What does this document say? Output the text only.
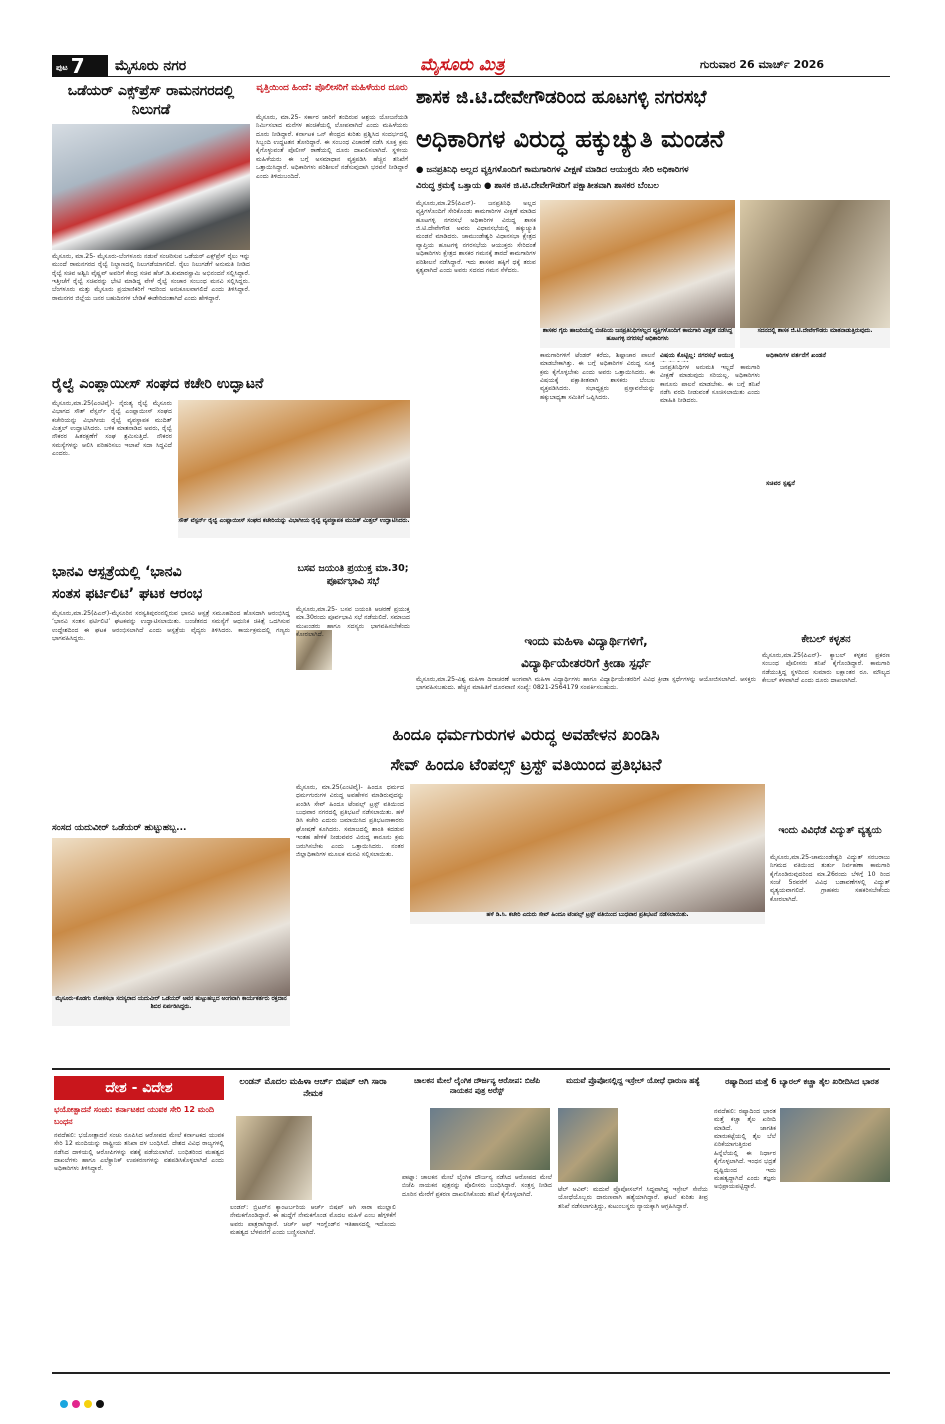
ಪುಟ 7	ಮೈಸೂರು ನಗರ	ಮೈಸೂರು ಮಿತ್ರ	ಗುರುವಾರ 26 ಮಾರ್ಚ್ 2026
ಒಡೆಯರ್ ಎಕ್ಸ್‌ಪ್ರೆಸ್ ರಾಮನಗರದಲ್ಲಿ ನಿಲುಗಡೆ
ಮೈಸೂರು, ಮಾ.25- ಮೈಸೂರು-ಬೆಂಗಳೂರು ನಡುವೆ ಸಂಚರಿಸುವ ಒಡೆಯರ್ ಎಕ್ಸ್‌ಪ್ರೆಸ್ ರೈಲು ಇನ್ನು ಮುಂದೆ ರಾಮನಗರದ ರೈಲ್ವೆ ನಿಲ್ದಾಣದಲ್ಲಿ ನಿಲುಗಡೆಯಾಗಲಿದೆ. ರೈಲು ನಿಲುಗಡೆಗೆ ಅನುಮತಿ ನೀಡಿದ ರೈಲ್ವೆ ಸಚಿವ ಅಶ್ವಿನಿ ವೈಷ್ಣವ್ ಅವರಿಗೆ ಕೇಂದ್ರ ಸಚಿವ ಹೆಚ್.ಡಿ.ಕುಮಾರಸ್ವಾಮಿ ಅಭಿನಂದನೆ ಸಲ್ಲಿಸಿದ್ದಾರೆ. ಇತ್ತೀಚೆಗೆ ರೈಲ್ವೆ ಸಚಿವರನ್ನು ಭೇಟಿ ಮಾಡಿದ್ದ ವೇಳೆ ರೈಲ್ವೆ ಸಂಚಾರ ಸಂಬಂಧ ಮನವಿ ಸಲ್ಲಿಸಿದ್ದರು. ಬೆಂಗಳೂರು ಮತ್ತು ಮೈಸೂರು ಪ್ರಯಾಣಿಕರಿಗೆ ಇದರಿಂದ ಅನುಕೂಲವಾಗಲಿದೆ ಎಂದು ತಿಳಿಸಿದ್ದಾರೆ. ರಾಮನಗರ ಜಿಲ್ಲೆಯ ಜನರ ಬಹುದಿನಗಳ ಬೇಡಿಕೆ ಈಡೇರಿದಂತಾಗಿದೆ ಎಂದು ಹೇಳಿದ್ದಾರೆ.
ವೃತ್ತಿಯಿಂದ ಹಿಂದೆ: ಪೊಲೀಸರಿಗೆ ಮಹಿಳೆಯರ ದೂರು
ಮೈಸೂರು, ಮಾ.25- ಸರ್ಕಾರ ಜಾರಿಗೆ ತಂದಿರುವ ಆಶ್ರಯ ಯೋಜನೆಯಡಿ ನಿರ್ಮಿಸಲಾದ ಮನೆಗಳ ಹಂಚಿಕೆಯಲ್ಲಿ ಲೋಪವಾಗಿದೆ ಎಂದು ಮಹಿಳೆಯರು ದೂರು ನೀಡಿದ್ದಾರೆ. ಕರ್ನಾಟಕ ಒನ್ ಕೇಂದ್ರದ ಕುರಿತು ಪ್ರಶ್ನಿಸಿದ ಸಂದರ್ಭದಲ್ಲಿ ಸಿಬ್ಬಂದಿ ಉದ್ಧಟತನ ತೋರಿದ್ದಾರೆ. ಈ ಸಂಬಂಧ ವಿಚಾರಣೆ ನಡೆಸಿ ಸೂಕ್ತ ಕ್ರಮ ಕೈಗೊಳ್ಳುವಂತೆ ಪೊಲೀಸ್ ಠಾಣೆಯಲ್ಲಿ ದೂರು ದಾಖಲಿಸಲಾಗಿದೆ. ಸ್ಥಳೀಯ ಮಹಿಳೆಯರು ಈ ಬಗ್ಗೆ ಅಸಮಾಧಾನ ವ್ಯಕ್ತಪಡಿಸಿ ಹೆಚ್ಚಿನ ತನಿಖೆಗೆ ಒತ್ತಾಯಿಸಿದ್ದಾರೆ. ಅಧಿಕಾರಿಗಳು ಪರಿಶೀಲನೆ ನಡೆಸುವುದಾಗಿ ಭರವಸೆ ನೀಡಿದ್ದಾರೆ ಎಂದು ತಿಳಿದುಬಂದಿದೆ.
ಶಾಸಕ ಜಿ.ಟಿ.ದೇವೇಗೌಡರಿಂದ ಹೂಟಗಳ್ಳಿ ನಗರಸಭೆ
ಅಧಿಕಾರಿಗಳ ವಿರುದ್ಧ ಹಕ್ಕುಚ್ಯುತಿ ಮಂಡನೆ
● ಜನಪ್ರತಿನಿಧಿ ಅಲ್ಲದ ವ್ಯಕ್ತಿಗಳೊಂದಿಗೆ ಕಾಮಗಾರಿಗಳ ವೀಕ್ಷಣೆ ಮಾಡಿದ ಆಯುಕ್ತರು ಸೇರಿ ಅಧಿಕಾರಿಗಳ
ವಿರುದ್ಧ ಕ್ರಮಕ್ಕೆ ಒತ್ತಾಯ ● ಶಾಸಕ ಜಿ.ಟಿ.ದೇವೇಗೌಡರಿಗೆ ಪಕ್ಷಾತೀತವಾಗಿ ಶಾಸಕರ ಬೆಂಬಲ
ಮೈಸೂರು,ಮಾ.25(ಪಿಎನ್)- ಜನಪ್ರತಿನಿಧಿ ಅಲ್ಲದ ವ್ಯಕ್ತಿಗಳೊಂದಿಗೆ ಸೇರಿಕೊಂಡು ಕಾಮಗಾರಿಗಳ ವೀಕ್ಷಣೆ ಮಾಡಿದ ಹೂಟಗಳ್ಳಿ ನಗರಸಭೆ ಅಧಿಕಾರಿಗಳ ವಿರುದ್ಧ ಶಾಸಕ ಜಿ.ಟಿ.ದೇವೇಗೌಡ ಅವರು ವಿಧಾನಸಭೆಯಲ್ಲಿ ಹಕ್ಕುಚ್ಯುತಿ ಮಂಡನೆ ಮಾಡಿದರು. ಚಾಮುಂಡೇಶ್ವರಿ ವಿಧಾನಸಭಾ ಕ್ಷೇತ್ರದ ವ್ಯಾಪ್ತಿಯ ಹೂಟಗಳ್ಳಿ ನಗರಸಭೆಯ ಆಯುಕ್ತರು ಸೇರಿದಂತೆ ಅಧಿಕಾರಿಗಳು ಕ್ಷೇತ್ರದ ಶಾಸಕರ ಗಮನಕ್ಕೆ ತಾರದೆ ಕಾಮಗಾರಿಗಳ ಪರಿಶೀಲನೆ ನಡೆಸಿದ್ದಾರೆ. ಇದು ಶಾಸಕರ ಹಕ್ಕಿಗೆ ಧಕ್ಕೆ ತರುವ ಕೃತ್ಯವಾಗಿದೆ ಎಂದು ಅವರು ಸದನದ ಗಮನ ಸೆಳೆದರು.
ಶಾಸಕರ ಗೈರು ಹಾಜರಿಯಲ್ಲಿ ಬಿಜೆಪಿಯ ಜನಪ್ರತಿನಿಧಿಗಳಲ್ಲದ ವ್ಯಕ್ತಿಗಳೊಂದಿಗೆ ಕಾಮಗಾರಿ ವೀಕ್ಷಣೆ ನಡೆಸಿದ್ದ ಹೂಟಗಳ್ಳಿ ನಗರಸಭೆ ಅಧಿಕಾರಿಗಳು
ಸದನದಲ್ಲಿ ಶಾಸಕ ಜಿ.ಟಿ.ದೇವೇಗೌಡರು ಮಾತನಾಡುತ್ತಿರುವುದು.
ಕಾಮಗಾರಿಗಳಿಗೆ ಟೆಂಡರ್ ಕರೆದು, ಶಿಷ್ಟಾಚಾರ ಪಾಲನೆ ಮಾಡಬೇಕಾಗಿತ್ತು. ಈ ಬಗ್ಗೆ ಅಧಿಕಾರಿಗಳ ವಿರುದ್ಧ ಸೂಕ್ತ ಕ್ರಮ ಕೈಗೊಳ್ಳಬೇಕು ಎಂದು ಅವರು ಒತ್ತಾಯಿಸಿದರು. ಈ ವಿಷಯಕ್ಕೆ ಪಕ್ಷಾತೀತವಾಗಿ ಶಾಸಕರು ಬೆಂಬಲ ವ್ಯಕ್ತಪಡಿಸಿದರು. ಸಭಾಧ್ಯಕ್ಷರು ಪ್ರಸ್ತಾವನೆಯನ್ನು ಹಕ್ಕುಬಾಧ್ಯತಾ ಸಮಿತಿಗೆ ಒಪ್ಪಿಸಿದರು.
ವಿಷಯ ಕೊಟ್ಟಿಲ್ಲ: ನಗರಸಭೆ ಆಯುಕ್ತ
ಜನಪ್ರತಿನಿಧಿಗಳ ಅನುಮತಿ ಇಲ್ಲದೆ ಕಾಮಗಾರಿ ವೀಕ್ಷಣೆ ಮಾಡುವುದು ಸರಿಯಲ್ಲ. ಅಧಿಕಾರಿಗಳು ಕಾನೂನು ಪಾಲನೆ ಮಾಡಬೇಕು. ಈ ಬಗ್ಗೆ ತನಿಖೆ ನಡೆಸಿ ವರದಿ ನೀಡುವಂತೆ ಸೂಚಿಸಲಾಯಿತು ಎಂದು ಮಾಹಿತಿ ನೀಡಿದರು.
ಅಧಿಕಾರಿಗಳ ವರ್ತನೆಗೆ ಖಂಡನೆ
ಸಚಿವರ ಸ್ಪಷ್ಟನೆ
ರೈಲ್ವೆ ಎಂಪ್ಲಾಯೀಸ್ ಸಂಘದ ಕಚೇರಿ ಉದ್ಘಾಟನೆ
ಮೈಸೂರು,ಮಾ.25(ಎಂಟಿವೈ)- ನೈರುತ್ಯ ರೈಲ್ವೆ ಮೈಸೂರು ವಿಭಾಗದ ಸೌತ್ ವೆಸ್ಟರ್ನ್ ರೈಲ್ವೆ ಎಂಪ್ಲಾಯೀಸ್ ಸಂಘದ ಕಚೇರಿಯನ್ನು ವಿಭಾಗೀಯ ರೈಲ್ವೆ ವ್ಯವಸ್ಥಾಪಕ ಮುದಿತ್ ಮಿತ್ತಲ್ ಉದ್ಘಾಟಿಸಿದರು. ಬಳಿಕ ಮಾತನಾಡಿದ ಅವರು, ರೈಲ್ವೆ ನೌಕರರ ಹಿತರಕ್ಷಣೆಗೆ ಸಂಘ ಶ್ರಮಿಸುತ್ತಿದೆ. ನೌಕರರ ಸಮಸ್ಯೆಗಳನ್ನು ಆಲಿಸಿ ಪರಿಹರಿಸಲು ಇಲಾಖೆ ಸದಾ ಸಿದ್ಧವಿದೆ ಎಂದರು.
ಸೌತ್ ವೆಸ್ಟರ್ನ್ ರೈಲ್ವೆ ಎಂಪ್ಲಾಯೀಸ್ ಸಂಘದ ಕಚೇರಿಯನ್ನು ವಿಭಾಗೀಯ ರೈಲ್ವೆ ವ್ಯವಸ್ಥಾಪಕ ಮುದಿತ್ ಮಿತ್ತಲ್ ಉದ್ಘಾಟಿಸಿದರು.
ಭಾನವಿ ಆಸ್ಪತ್ರೆಯಲ್ಲಿ ‘ಭಾನವಿ
ಸಂತಸ ಫರ್ಟಿಲಿಟಿ’ ಘಟಕ ಆರಂಭ
ಮೈಸೂರು,ಮಾ.25(ಪಿಎನ್)-ಮೈಸೂರಿನ ಸರಸ್ವತಿಪುರಂನಲ್ಲಿರುವ ಭಾನವಿ ಆಸ್ಪತ್ರೆ ಸಮೂಹದಿಂದ ಹೊಸದಾಗಿ ಆರಂಭಿಸಿದ್ದ ‘ಭಾನವಿ ಸಂತಸ ಫರ್ಟಿಲಿಟಿ’ ಘಟಕವನ್ನು ಉದ್ಘಾಟಿಸಲಾಯಿತು. ಬಂಜೆತನದ ಸಮಸ್ಯೆಗೆ ಆಧುನಿಕ ಚಿಕಿತ್ಸೆ ಒದಗಿಸುವ ಉದ್ದೇಶದಿಂದ ಈ ಘಟಕ ಆರಂಭಿಸಲಾಗಿದೆ ಎಂದು ಆಸ್ಪತ್ರೆಯ ವೈದ್ಯರು ತಿಳಿಸಿದರು. ಕಾರ್ಯಕ್ರಮದಲ್ಲಿ ಗಣ್ಯರು ಭಾಗವಹಿಸಿದ್ದರು.
ಬಸವ ಜಯಂತಿ ಪ್ರಯುಕ್ತ ಮಾ.30; ಪೂರ್ವಭಾವಿ ಸಭೆ
ಮೈಸೂರು,ಮಾ.25- ಬಸವ ಜಯಂತಿ ಆಚರಣೆ ಪ್ರಯುಕ್ತ ಮಾ.30ರಂದು ಪೂರ್ವಭಾವಿ ಸಭೆ ನಡೆಯಲಿದೆ. ಸಮಾಜದ ಮುಖಂಡರು ಹಾಗೂ ಸದಸ್ಯರು ಭಾಗವಹಿಸಬೇಕೆಂದು ಕೋರಲಾಗಿದೆ.	ಇಂದು ಮಹಿಳಾ ವಿದ್ಯಾರ್ಥಿಗಳಿಗೆ,
ವಿದ್ಯಾರ್ಥಿಯೇತರರಿಗೆ ಕ್ರೀಡಾ ಸ್ಪರ್ಧೆ
ಮೈಸೂರು,ಮಾ.25-ವಿಶ್ವ ಮಹಿಳಾ ದಿನಾಚರಣೆ ಅಂಗವಾಗಿ ಮಹಿಳಾ ವಿದ್ಯಾರ್ಥಿಗಳು ಹಾಗೂ ವಿದ್ಯಾರ್ಥಿಯೇತರರಿಗೆ ವಿವಿಧ ಕ್ರೀಡಾ ಸ್ಪರ್ಧೆಗಳನ್ನು ಆಯೋಜಿಸಲಾಗಿದೆ. ಆಸಕ್ತರು ಭಾಗವಹಿಸಬಹುದು. ಹೆಚ್ಚಿನ ಮಾಹಿತಿಗೆ ದೂರವಾಣಿ ಸಂಖ್ಯೆ: 0821-2564179 ಸಂಪರ್ಕಿಸಬಹುದು.
ಕೇಬಲ್ ಕಳ್ಳತನ
ಮೈಸೂರು,ಮಾ.25(ಪಿಎನ್)- ಕ್ಯಾಬಲ್ ಕಳ್ಳತನ ಪ್ರಕರಣ ಸಂಬಂಧ ಪೊಲೀಸರು ತನಿಖೆ ಕೈಗೊಂಡಿದ್ದಾರೆ. ಕಾಮಗಾರಿ ನಡೆಯುತ್ತಿದ್ದ ಸ್ಥಳದಿಂದ ಸುಮಾರು ಲಕ್ಷಾಂತರ ರೂ. ಮೌಲ್ಯದ ಕೇಬಲ್ ಕಳವಾಗಿದೆ ಎಂದು ದೂರು ದಾಖಲಾಗಿದೆ.
ಹಿಂದೂ ಧರ್ಮಗುರುಗಳ ವಿರುದ್ಧ ಅವಹೇಳನ ಖಂಡಿಸಿ
ಸೇವ್ ಹಿಂದೂ ಟೆಂಪಲ್ಸ್ ಟ್ರಸ್ಟ್ ವತಿಯಿಂದ ಪ್ರತಿಭಟನೆ
ಮೈಸೂರು, ಮಾ.25(ಎಂಟಿವೈ)- ಹಿಂದೂ ಧರ್ಮದ ಧರ್ಮಗುರುಗಳ ವಿರುದ್ಧ ಅವಹೇಳನ ಮಾಡಿರುವುದನ್ನು ಖಂಡಿಸಿ ಸೇವ್ ಹಿಂದೂ ಟೆಂಪಲ್ಸ್ ಟ್ರಸ್ಟ್ ವತಿಯಿಂದ ಬುಧವಾರ ನಗರದಲ್ಲಿ ಪ್ರತಿಭಟನೆ ನಡೆಸಲಾಯಿತು. ಹಳೆ ಡಿಸಿ ಕಚೇರಿ ಎದುರು ಜಮಾಯಿಸಿದ ಪ್ರತಿಭಟನಾಕಾರರು ಘೋಷಣೆ ಕೂಗಿದರು. ಸಮಾಜದಲ್ಲಿ ಶಾಂತಿ ಕದಡುವ ಇಂತಹ ಹೇಳಿಕೆ ನೀಡುವವರ ವಿರುದ್ಧ ಕಾನೂನು ಕ್ರಮ ಜರುಗಿಸಬೇಕು ಎಂದು ಒತ್ತಾಯಿಸಿದರು. ನಂತರ ಜಿಲ್ಲಾಧಿಕಾರಿಗಳ ಮೂಲಕ ಮನವಿ ಸಲ್ಲಿಸಲಾಯಿತು.
ಹಳೆ ಡಿ.ಸಿ. ಕಚೇರಿ ಎದುರು ಸೇವ್ ಹಿಂದೂ ಟೆಂಪಲ್ಸ್ ಟ್ರಸ್ಟ್ ವತಿಯಿಂದ ಬುಧವಾರ ಪ್ರತಿಭಟನೆ ನಡೆಸಲಾಯಿತು.
ಸಂಸದ ಯದುವೀರ್ ಒಡೆಯರ್ ಹುಟ್ಟುಹಬ್ಬ...
ಮೈಸೂರು-ಕೊಡಗು ಲೋಕಸಭಾ ಸದಸ್ಯರಾದ ಯದುವೀರ್ ಒಡೆಯರ್ ಅವರ ಹುಟ್ಟುಹಬ್ಬದ ಅಂಗವಾಗಿ ಕಾರ್ಯಕರ್ತರು ರಕ್ತದಾನ ಶಿಬಿರ ಏರ್ಪಡಿಸಿದ್ದರು.
ಇಂದು ವಿವಿಧೆಡೆ ವಿದ್ಯುತ್ ವ್ಯತ್ಯಯ
ಮೈಸೂರು,ಮಾ.25-ಚಾಮುಂಡೇಶ್ವರಿ ವಿದ್ಯುತ್ ಸರಬರಾಜು ನಿಗಮದ ವತಿಯಿಂದ ತುರ್ತು ನಿರ್ವಹಣಾ ಕಾಮಗಾರಿ ಕೈಗೊಂಡಿರುವುದರಿಂದ ಮಾ.26ರಂದು ಬೆಳಿಗ್ಗೆ 10 ರಿಂದ ಸಂಜೆ 5ರವರೆಗೆ ವಿವಿಧ ಬಡಾವಣೆಗಳಲ್ಲಿ ವಿದ್ಯುತ್ ವ್ಯತ್ಯಯವಾಗಲಿದೆ. ಗ್ರಾಹಕರು ಸಹಕರಿಸಬೇಕೆಂದು ಕೋರಲಾಗಿದೆ.
ದೇಶ - ವಿದೇಶ
ಭಯೋತ್ಪಾದನೆ ಸಂಚು: ಕರ್ನಾಟಕದ ಯುವಕ ಸೇರಿ 12 ಮಂದಿ ಬಂಧನ
ನವದೆಹಲಿ: ಭಯೋತ್ಪಾದನೆ ಸಂಚು ರೂಪಿಸಿದ ಆರೋಪದ ಮೇಲೆ ಕರ್ನಾಟಕದ ಯುವಕ ಸೇರಿ 12 ಮಂದಿಯನ್ನು ರಾಷ್ಟ್ರೀಯ ತನಿಖಾ ದಳ ಬಂಧಿಸಿದೆ. ದೇಶದ ವಿವಿಧ ರಾಜ್ಯಗಳಲ್ಲಿ ನಡೆಸಿದ ದಾಳಿಯಲ್ಲಿ ಆರೋಪಿಗಳನ್ನು ವಶಕ್ಕೆ ಪಡೆಯಲಾಗಿದೆ. ಬಂಧಿತರಿಂದ ಮಹತ್ವದ ದಾಖಲೆಗಳು ಹಾಗೂ ಎಲೆಕ್ಟ್ರಾನಿಕ್ ಉಪಕರಣಗಳನ್ನು ವಶಪಡಿಸಿಕೊಳ್ಳಲಾಗಿದೆ ಎಂದು ಅಧಿಕಾರಿಗಳು ತಿಳಿಸಿದ್ದಾರೆ.
ಲಂಡನ್ ಮೊದಲ ಮಹಿಳಾ ಆರ್ಚ್ ಬಿಷಪ್ ಆಗಿ ಸಾರಾ ನೇಮಕ
ಲಂಡನ್: ಬ್ರಿಟನ್‌ನ ಕ್ಯಾಂಟರ್ಬರಿಯ ಆರ್ಚ್ ಬಿಷಪ್ ಆಗಿ ಸಾರಾ ಮುಲ್ಲಾಲಿ ನೇಮಕಗೊಂಡಿದ್ದಾರೆ. ಈ ಹುದ್ದೆಗೆ ನೇಮಕಗೊಂಡ ಮೊದಲ ಮಹಿಳೆ ಎಂಬ ಹೆಗ್ಗಳಿಕೆಗೆ ಅವರು ಪಾತ್ರರಾಗಿದ್ದಾರೆ. ಚರ್ಚ್ ಆಫ್ ಇಂಗ್ಲೆಂಡ್‌ನ ಇತಿಹಾಸದಲ್ಲಿ ಇದೊಂದು ಮಹತ್ವದ ಬೆಳವಣಿಗೆ ಎಂದು ಬಣ್ಣಿಸಲಾಗಿದೆ.
ಚಾಲಕನ ಮೇಲೆ ಲೈಂಗಿಕ ದೌರ್ಜನ್ಯ ಆರೋಪ: ಬಿಜೆಪಿ ನಾಯಕನ ಪುತ್ರ ಅರೆಸ್ಟ್
ಪಾಟ್ನಾ: ಚಾಲಕನ ಮೇಲೆ ಲೈಂಗಿಕ ದೌರ್ಜನ್ಯ ನಡೆಸಿದ ಆರೋಪದ ಮೇಲೆ ಬಿಜೆಪಿ ನಾಯಕನ ಪುತ್ರನನ್ನು ಪೊಲೀಸರು ಬಂಧಿಸಿದ್ದಾರೆ. ಸಂತ್ರಸ್ತ ನೀಡಿದ ದೂರಿನ ಮೇರೆಗೆ ಪ್ರಕರಣ ದಾಖಲಿಸಿಕೊಂಡು ತನಿಖೆ ಕೈಗೊಳ್ಳಲಾಗಿದೆ.
ಮದುವೆ ಪ್ರೊಪೋಸಲ್ಲಿದ್ದ ಇಸ್ರೇಲ್ ಯೋಧೆ ಧಾರುಣ ಹತ್ಯೆ
ಟೆಲ್ ಅವಿವ್: ಮದುವೆ ಪ್ರೊಪೋಸಲ್‌ಗೆ ಸಿದ್ಧವಾಗಿದ್ದ ಇಸ್ರೇಲ್ ಸೇನೆಯ ಯೋಧೆಯೊಬ್ಬರು ದಾರುಣವಾಗಿ ಹತ್ಯೆಯಾಗಿದ್ದಾರೆ. ಘಟನೆ ಕುರಿತು ತೀವ್ರ ತನಿಖೆ ನಡೆಸಲಾಗುತ್ತಿದ್ದು, ಕುಟುಂಬಸ್ಥರು ನ್ಯಾಯಕ್ಕಾಗಿ ಆಗ್ರಹಿಸಿದ್ದಾರೆ.
ರಷ್ಯಾದಿಂದ ಮತ್ತೆ 6 ಬ್ಯಾರಲ್ ಕಚ್ಚಾ ತೈಲ ಖರೀದಿಸಿದ ಭಾರತ
ನವದೆಹಲಿ: ರಷ್ಯಾದಿಂದ ಭಾರತ ಮತ್ತೆ ಕಚ್ಚಾ ತೈಲ ಖರೀದಿ ಮಾಡಿದೆ. ಜಾಗತಿಕ ಮಾರುಕಟ್ಟೆಯಲ್ಲಿ ತೈಲ ಬೆಲೆ ಏರಿಕೆಯಾಗುತ್ತಿರುವ ಹಿನ್ನೆಲೆಯಲ್ಲಿ ಈ ನಿರ್ಧಾರ ಕೈಗೊಳ್ಳಲಾಗಿದೆ. ಇಂಧನ ಭದ್ರತೆ ದೃಷ್ಟಿಯಿಂದ ಇದು ಮಹತ್ವದ್ದಾಗಿದೆ ಎಂದು ತಜ್ಞರು ಅಭಿಪ್ರಾಯಪಟ್ಟಿದ್ದಾರೆ.
